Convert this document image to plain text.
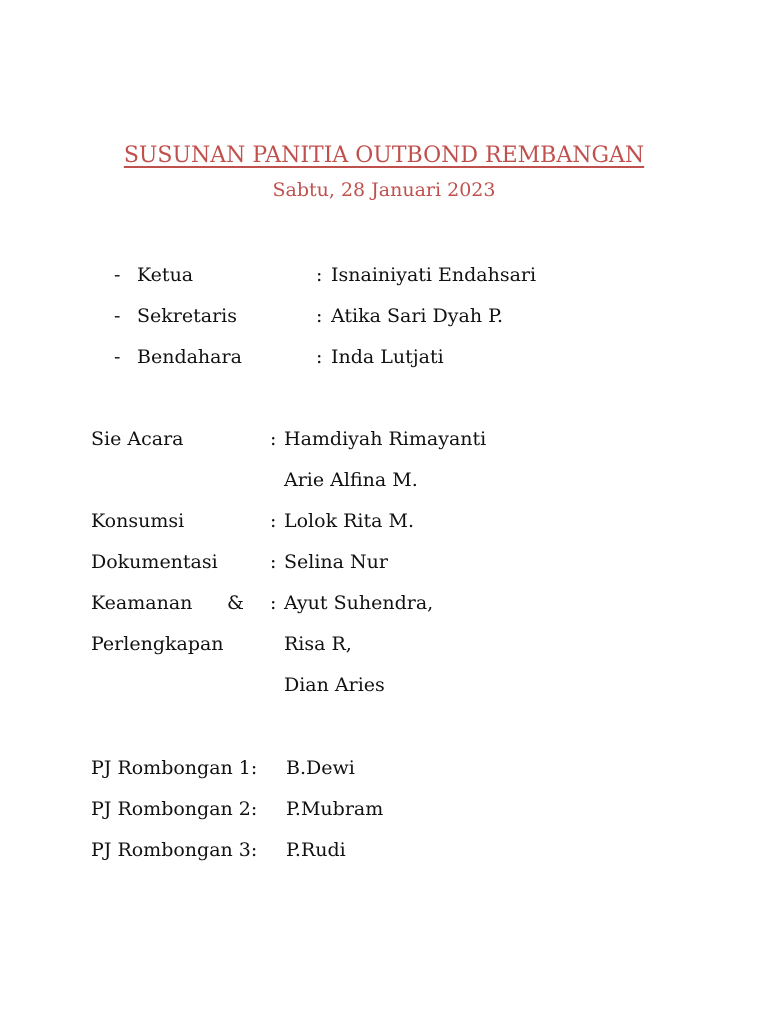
SUSUNAN PANITIA OUTBOND REMBANGAN
Sabtu, 28 Januari 2023
- Ketua	: Isnainiyati Endahsari
- Sekretaris	: Atika Sari Dyah P.
- Bendahara	: Inda Lutjati
Sie Acara	: Hamdiyah Rimayanti
Arie Alfina M.
Konsumsi	: Lolok Rita M.
Dokumentasi	: Selina Nur
Keamanan & : Ayut Suhendra,
Perlengkapan	Risa R,
Dian Aries
PJ Rombongan 1: B.Dewi
PJ Rombongan 2: P.Mubram
PJ Rombongan 3: P.Rudi
